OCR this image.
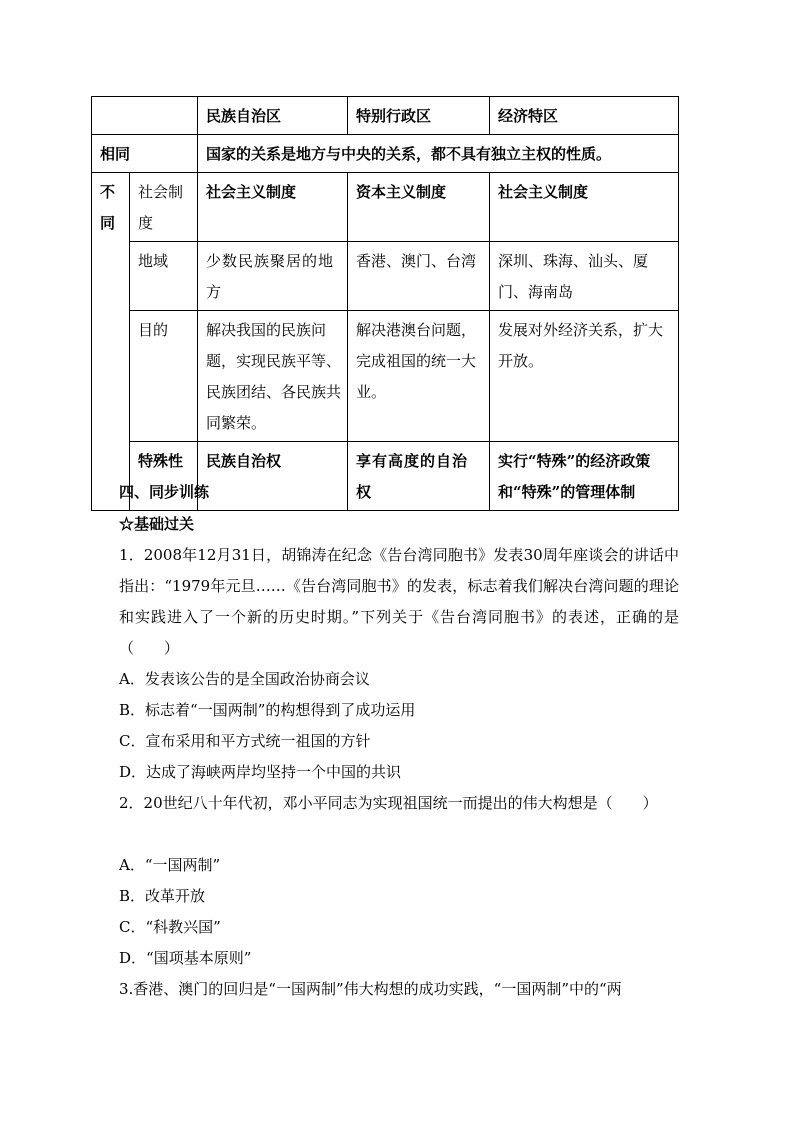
		民族自治区	特别行政区	经济特区
相同		国家的关系是地方与中央的关系，都不具有独立主权的性质。		
不同	社会制度	社会主义制度	资本主义制度	社会主义制度
	地域	少数民族聚居的地方	香港、澳门、台湾	深圳、珠海、汕头、厦门、海南岛
	目的	解决我国的民族问题，实现民族平等、民族团结、各民族共同繁荣。	解决港澳台问题，完成祖国的统一大业。	发展对外经济关系，扩大开放。
	特殊性	民族自治权	享有高度的自治权	实行“特殊”的经济政策和“特殊”的管理体制
四、同步训练
☆基础过关
1．2008年12月31日，胡锦涛在纪念《告台湾同胞书》发表30周年座谈会的讲话中指出：“1979年元旦……《告台湾同胞书》的发表，标志着我们解决台湾问题的理论和实践进入了一个新的历史时期。”下列关于《告台湾同胞书》的表述，正确的是（　　）
A．发表该公告的是全国政治协商会议
B．标志着“一国两制”的构想得到了成功运用
C．宣布采用和平方式统一祖国的方针
D．达成了海峡两岸均坚持一个中国的共识
2．20世纪八十年代初，邓小平同志为实现祖国统一而提出的伟大构想是（　　）
A．“一国两制”
B．改革开放
C．“科教兴国”
D．“国项基本原则”
3.香港、澳门的回归是“一国两制”伟大构想的成功实践，“一国两制”中的“两
